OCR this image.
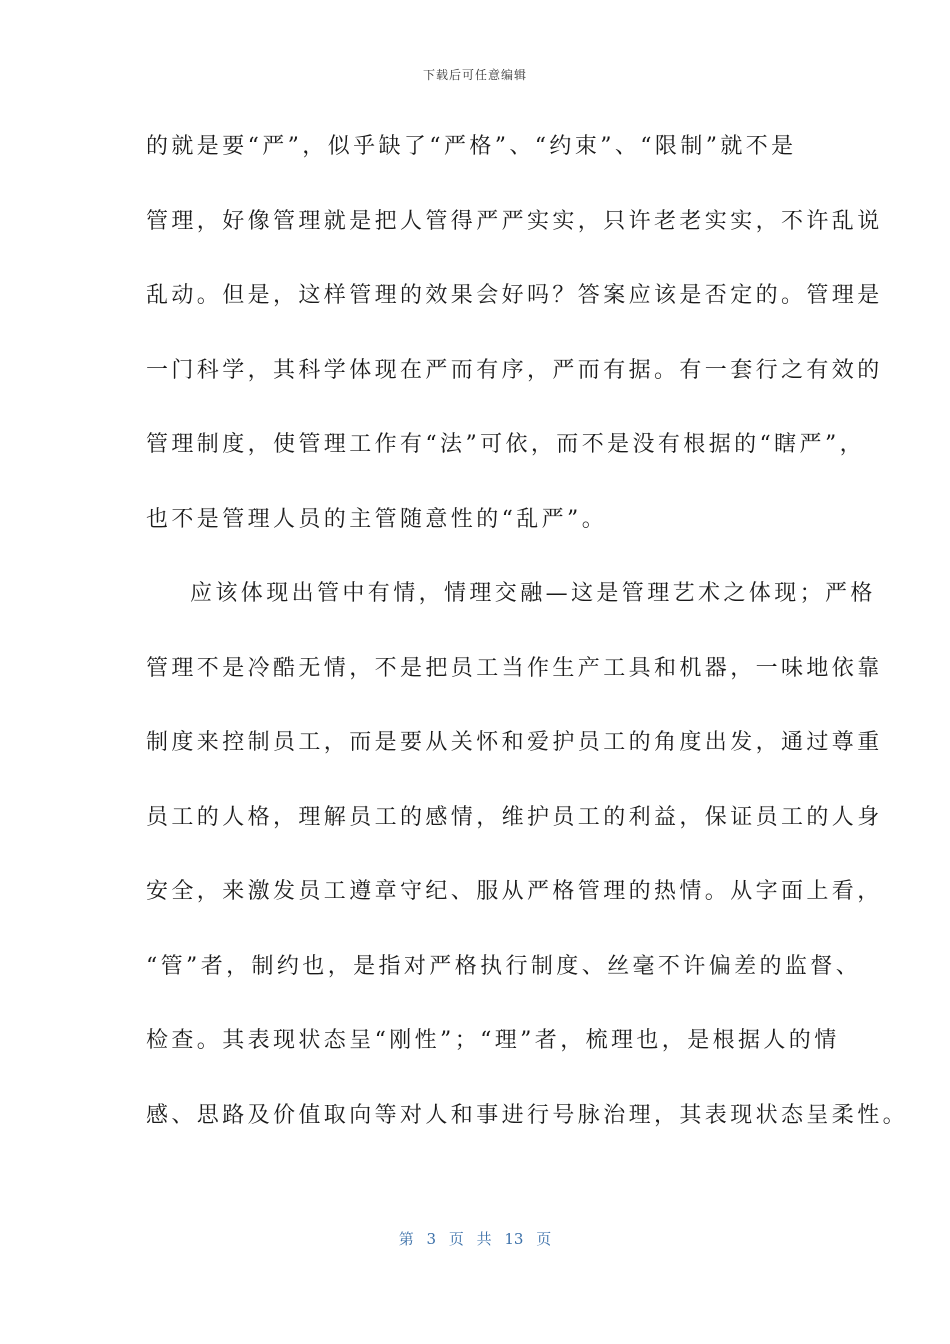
下载后可任意编辑
的就是要“严”，似乎缺了“严格”、“约束”、“限制”就不是
管理，好像管理就是把人管得严严实实，只许老老实实，不许乱说
乱动。但是，这样管理的效果会好吗？答案应该是否定的。管理是
一门科学，其科学体现在严而有序，严而有据。有一套行之有效的
管理制度，使管理工作有“法”可依，而不是没有根据的“瞎严”，
也不是管理人员的主管随意性的“乱严”。
应该体现出管中有情，情理交融—这是管理艺术之体现；严格
管理不是冷酷无情，不是把员工当作生产工具和机器，一味地依靠
制度来控制员工，而是要从关怀和爱护员工的角度出发，通过尊重
员工的人格，理解员工的感情，维护员工的利益，保证员工的人身
安全，来激发员工遵章守纪、服从严格管理的热情。从字面上看，
“管”者，制约也，是指对严格执行制度、丝毫不许偏差的监督、
检查。其表现状态呈“刚性”；“理”者，梳理也，是根据人的情
感、思路及价值取向等对人和事进行号脉治理，其表现状态呈柔性。
第 3 页 共 13 页
